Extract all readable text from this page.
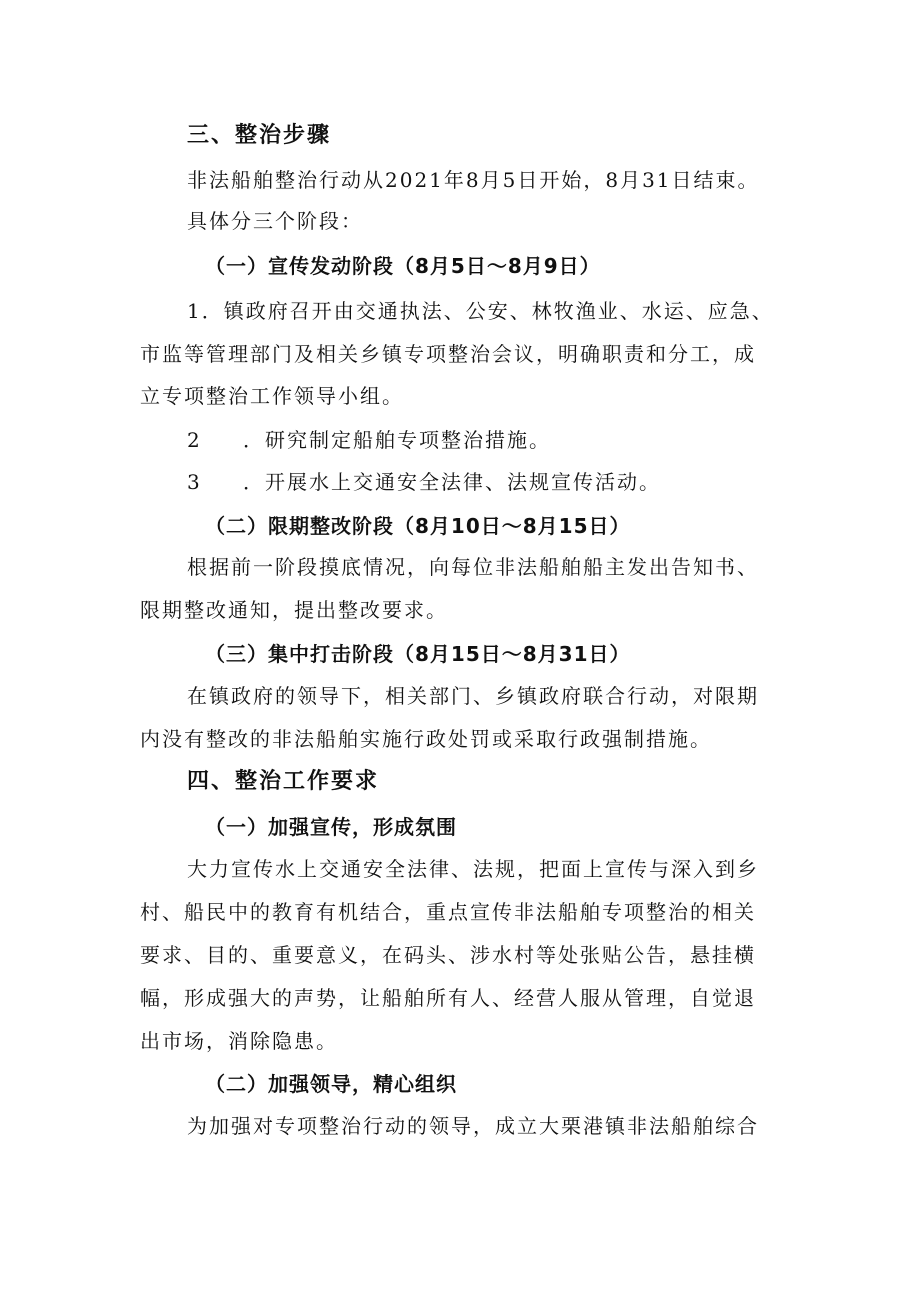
三、整治步骤
非法船舶整治行动从2021年8月5日开始，8月31日结束。
具体分三个阶段：
（一）宣传发动阶段（8月5日～8月9日）
1．镇政府召开由交通执法、公安、林牧渔业、水运、应急、
市监等管理部门及相关乡镇专项整治会议，明确职责和分工，成
立专项整治工作领导小组。
2 ．研究制定船舶专项整治措施。
3 ．开展水上交通安全法律、法规宣传活动。
（二）限期整改阶段（8月10日～8月15日）
根据前一阶段摸底情况，向每位非法船舶船主发出告知书、
限期整改通知，提出整改要求。
（三）集中打击阶段（8月15日～8月31日）
在镇政府的领导下，相关部门、乡镇政府联合行动，对限期
内没有整改的非法船舶实施行政处罚或采取行政强制措施。
四、整治工作要求
（一）加强宣传，形成氛围
大力宣传水上交通安全法律、法规，把面上宣传与深入到乡
村、船民中的教育有机结合，重点宣传非法船舶专项整治的相关
要求、目的、重要意义，在码头、涉水村等处张贴公告，悬挂横
幅，形成强大的声势，让船舶所有人、经营人服从管理，自觉退
出市场，消除隐患。
（二）加强领导，精心组织
为加强对专项整治行动的领导，成立大栗港镇非法船舶综合
